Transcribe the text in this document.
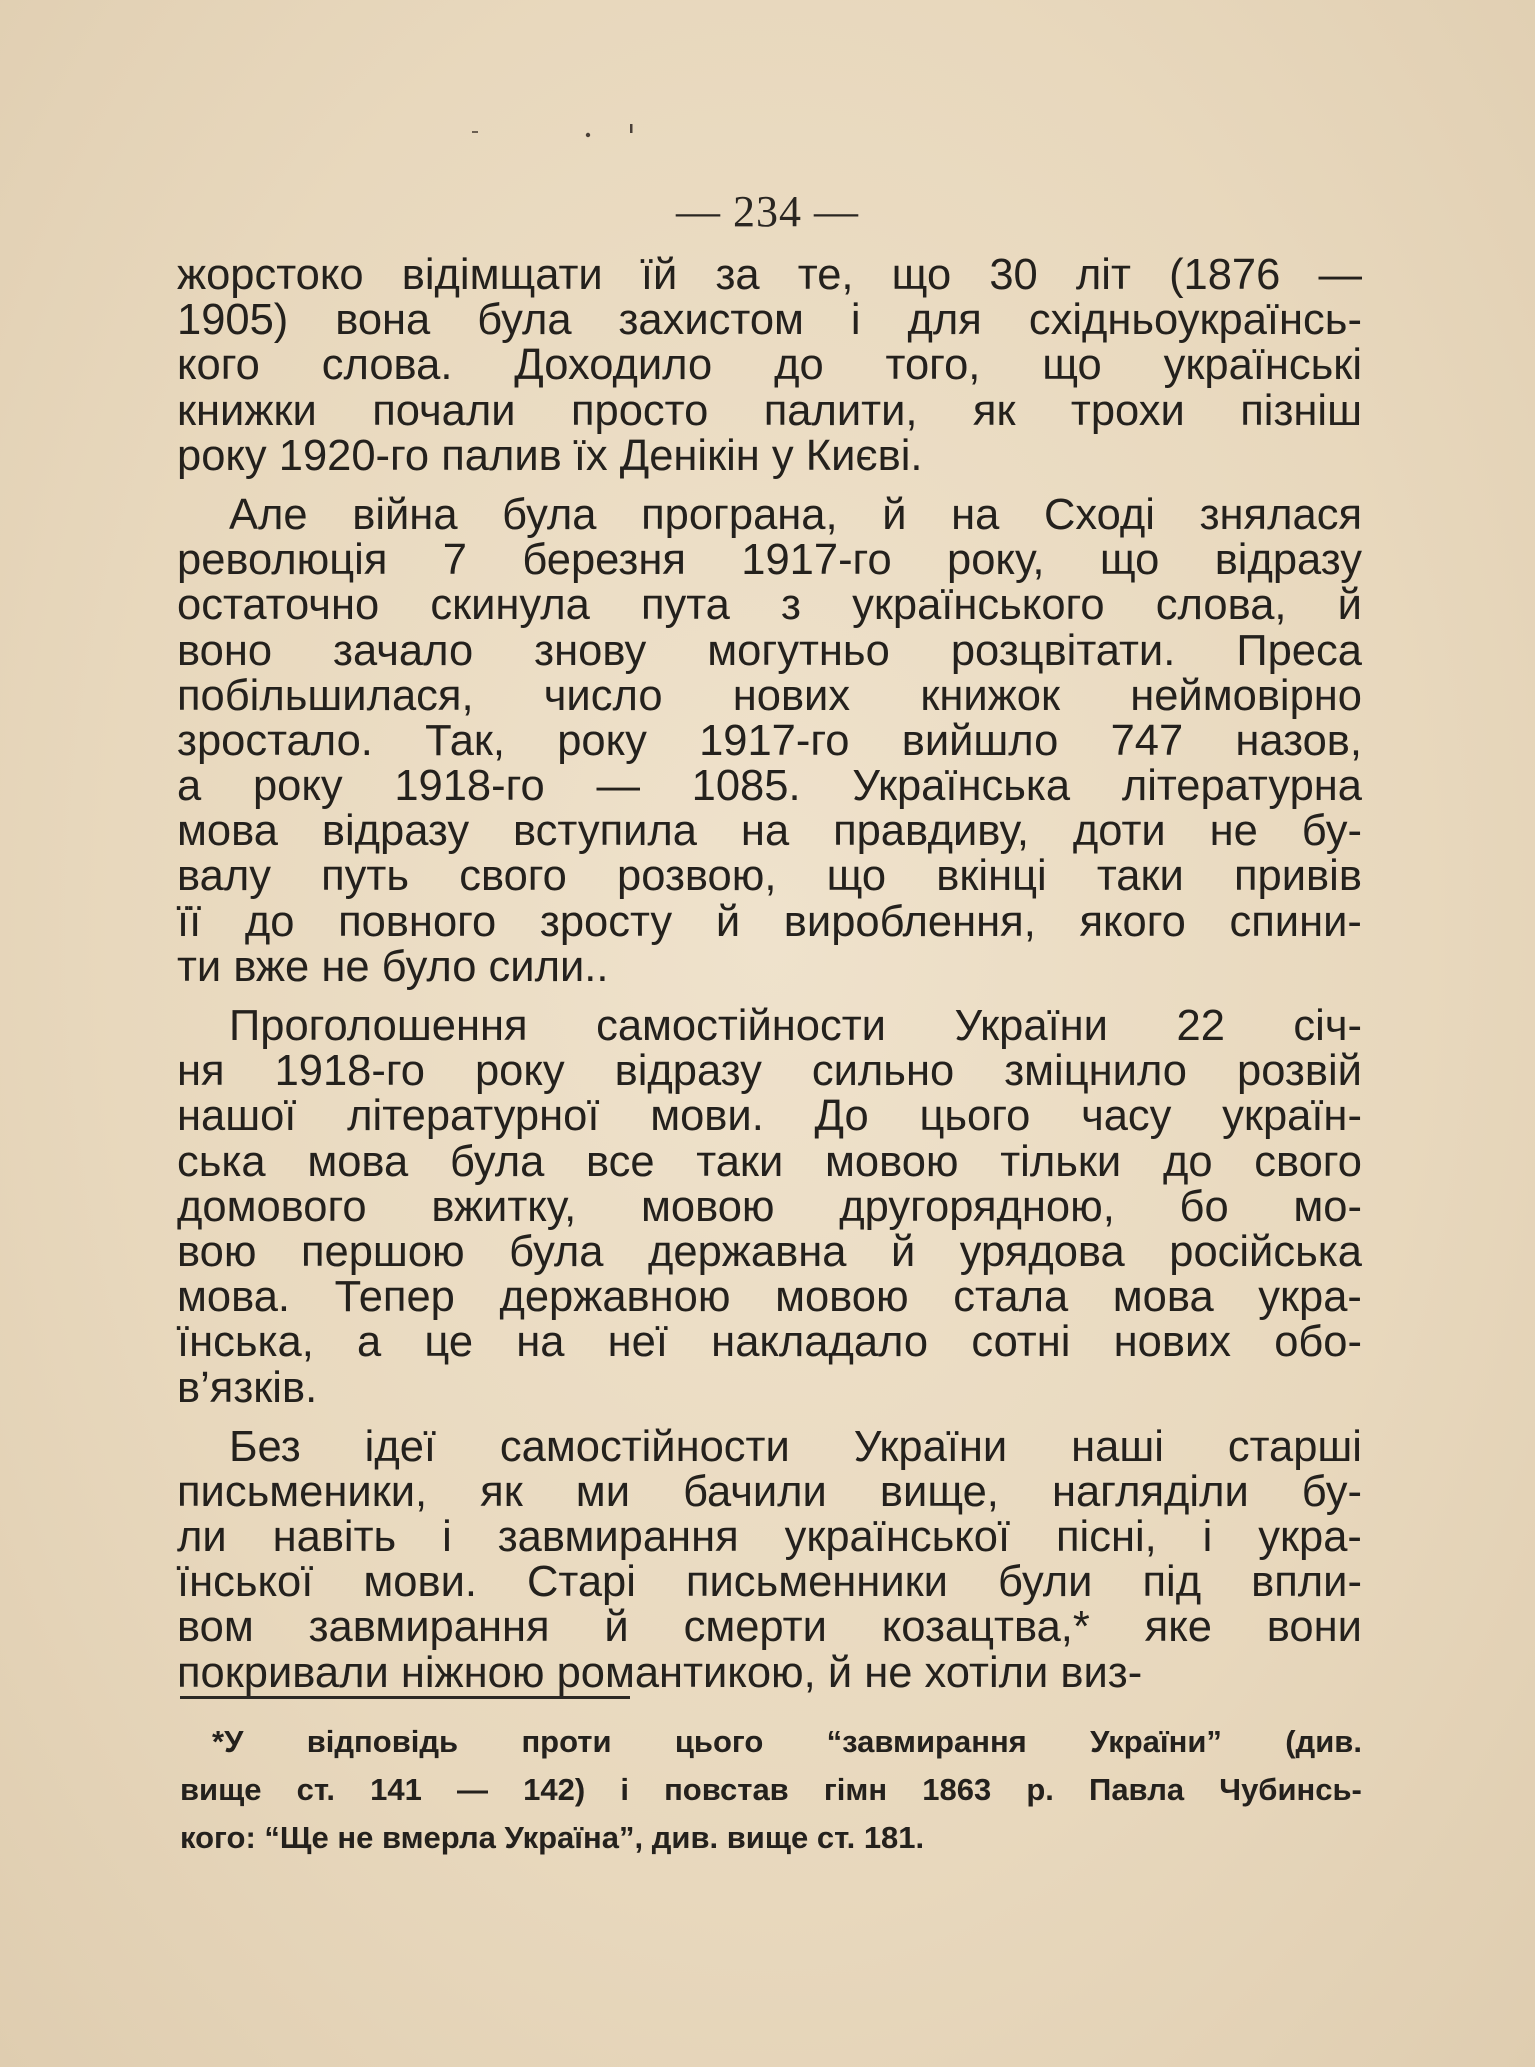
— 234 —
жорстоко відімщати їй за те, що 30 літ (1876 —
1905) вона була захистом і для східньоукраїнсь-
кого слова. Доходило до того, що українські
книжки почали просто палити, як трохи пізніш
року 1920-го палив їх Денікін у Києві.
Але війна була програна, й на Сході знялася
революція 7 березня 1917-го року, що відразу
остаточно скинула пута з українського слова, й
воно зачало знову могутньо розцвітати. Преса
побільшилася, число нових книжок неймовірно
зростало. Так, року 1917-го вийшло 747 назов,
а року 1918-го — 1085. Українська літературна
мова відразу вступила на правдиву, доти не бу-
валу путь свого розвою, що вкінці таки привів
її до повного зросту й вироблення, якого спини-
ти вже не було сили..
Проголошення самостійности України 22 січ-
ня 1918-го року відразу сильно зміцнило розвій
нашої літературної мови. До цього часу україн-
ська мова була все таки мовою тільки до свого
домового вжитку, мовою другорядною, бо мо-
вою першою була державна й урядова російська
мова. Тепер державною мовою стала мова укра-
їнська, а це на неї накладало сотні нових обо-
в’язків.
Без ідеї самостійности України наші старші
письменики, як ми бачили вище, нагляділи бу-
ли навіть і завмирання української пісні, і укра-
їнської мови. Старі письменники були під впли-
вом завмирання й смерти козацтва,* яке вони
покривали ніжною романтикою, й не хотіли виз-
*У відповідь проти цього “завмирання України” (див.
вище ст. 141 — 142) і повстав гімн 1863 р. Павла Чубинсь-
кого: “Ще не вмерла Україна”, див. вище ст. 181.
